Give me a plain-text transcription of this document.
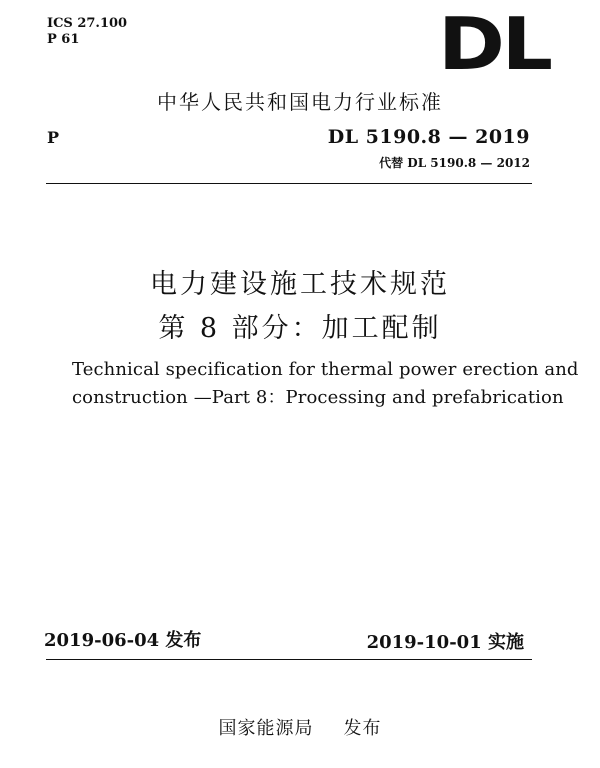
ICS 27.100
P 61	DL
中华人民共和国电力行业标准
P	DL 5190.8 — 2019
代替 DL 5190.8 — 2012
电力建设施工技术规范
第 8 部分：加工配制
Technical specification for thermal power erection and
construction —Part 8：Processing and prefabrication
2019-06-04 发布	2019-10-01 实施
国家能源局 发布
